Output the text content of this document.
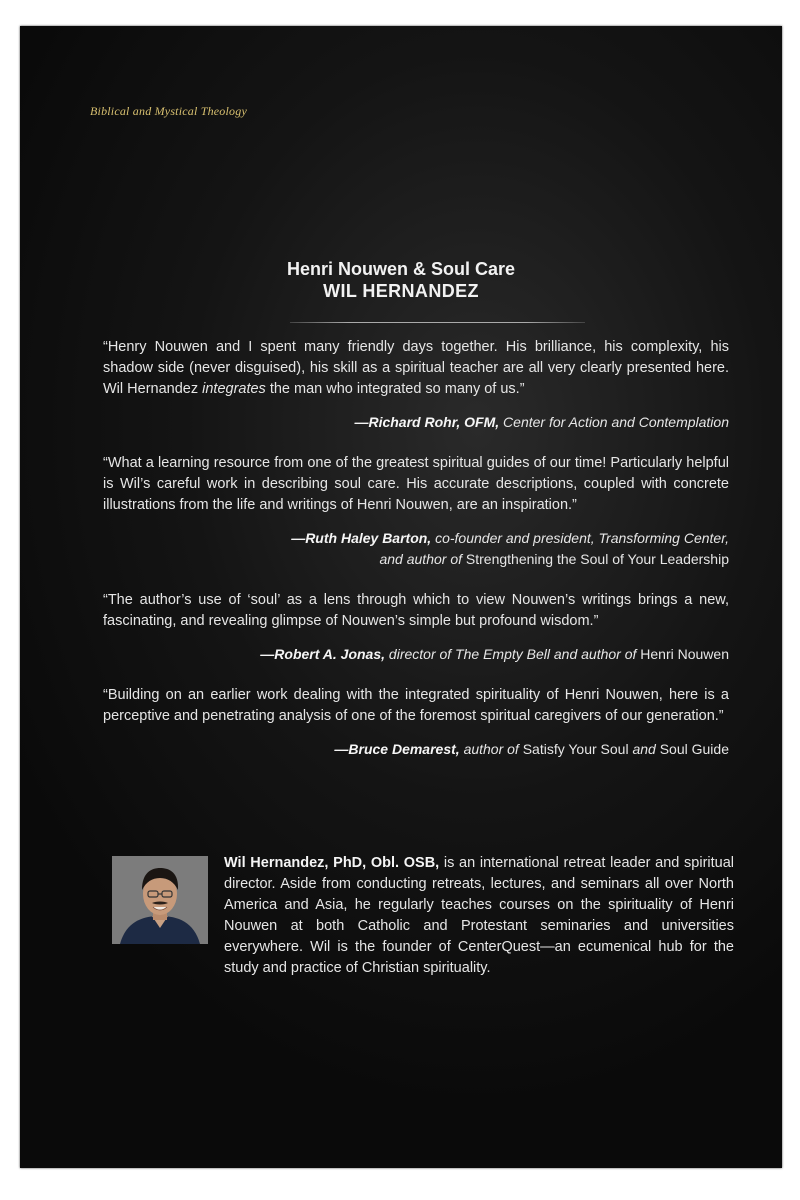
Biblical and Mystical Theology
Henri Nouwen & Soul Care
WIL HERNANDEZ

“Henry Nouwen and I spent many friendly days together. His brilliance, his complexity, his shadow side (never disguised), his skill as a spiritual teacher are all very clearly presented here. Wil Hernandez integrates the man who integrated so many of us.”

—Richard Rohr, OFM, Center for Action and Contemplation

“What a learning resource from one of the greatest spiritual guides of our time! Particularly helpful is Wil’s careful work in describing soul care. His accurate descriptions, coupled with concrete illustrations from the life and writings of Henri Nouwen, are an inspiration.”

—Ruth Haley Barton, co-founder and president, Transforming Center,
and author of Strengthening the Soul of Your Leadership

“The author’s use of ‘soul’ as a lens through which to view Nouwen’s writings brings a new, fascinating, and revealing glimpse of Nouwen’s simple but profound wisdom.”

—Robert A. Jonas, director of The Empty Bell and author of Henri Nouwen

“Building on an earlier work dealing with the integrated spirituality of Henri Nouwen, here is a perceptive and penetrating analysis of one of the foremost spiritual caregivers of our generation.”

—Bruce Demarest, author of Satisfy Your Soul and Soul Guide

Wil Hernandez, PhD, Obl. OSB, is an international retreat leader and spiritual director. Aside from conducting retreats, lectures, and seminars all over North America and Asia, he regularly teaches courses on the spirituality of Henri Nouwen at both Catholic and Protestant seminaries and universities everywhere. Wil is the founder of CenterQuest—an ecumenical hub for the study and practice of Christian spirituality.
